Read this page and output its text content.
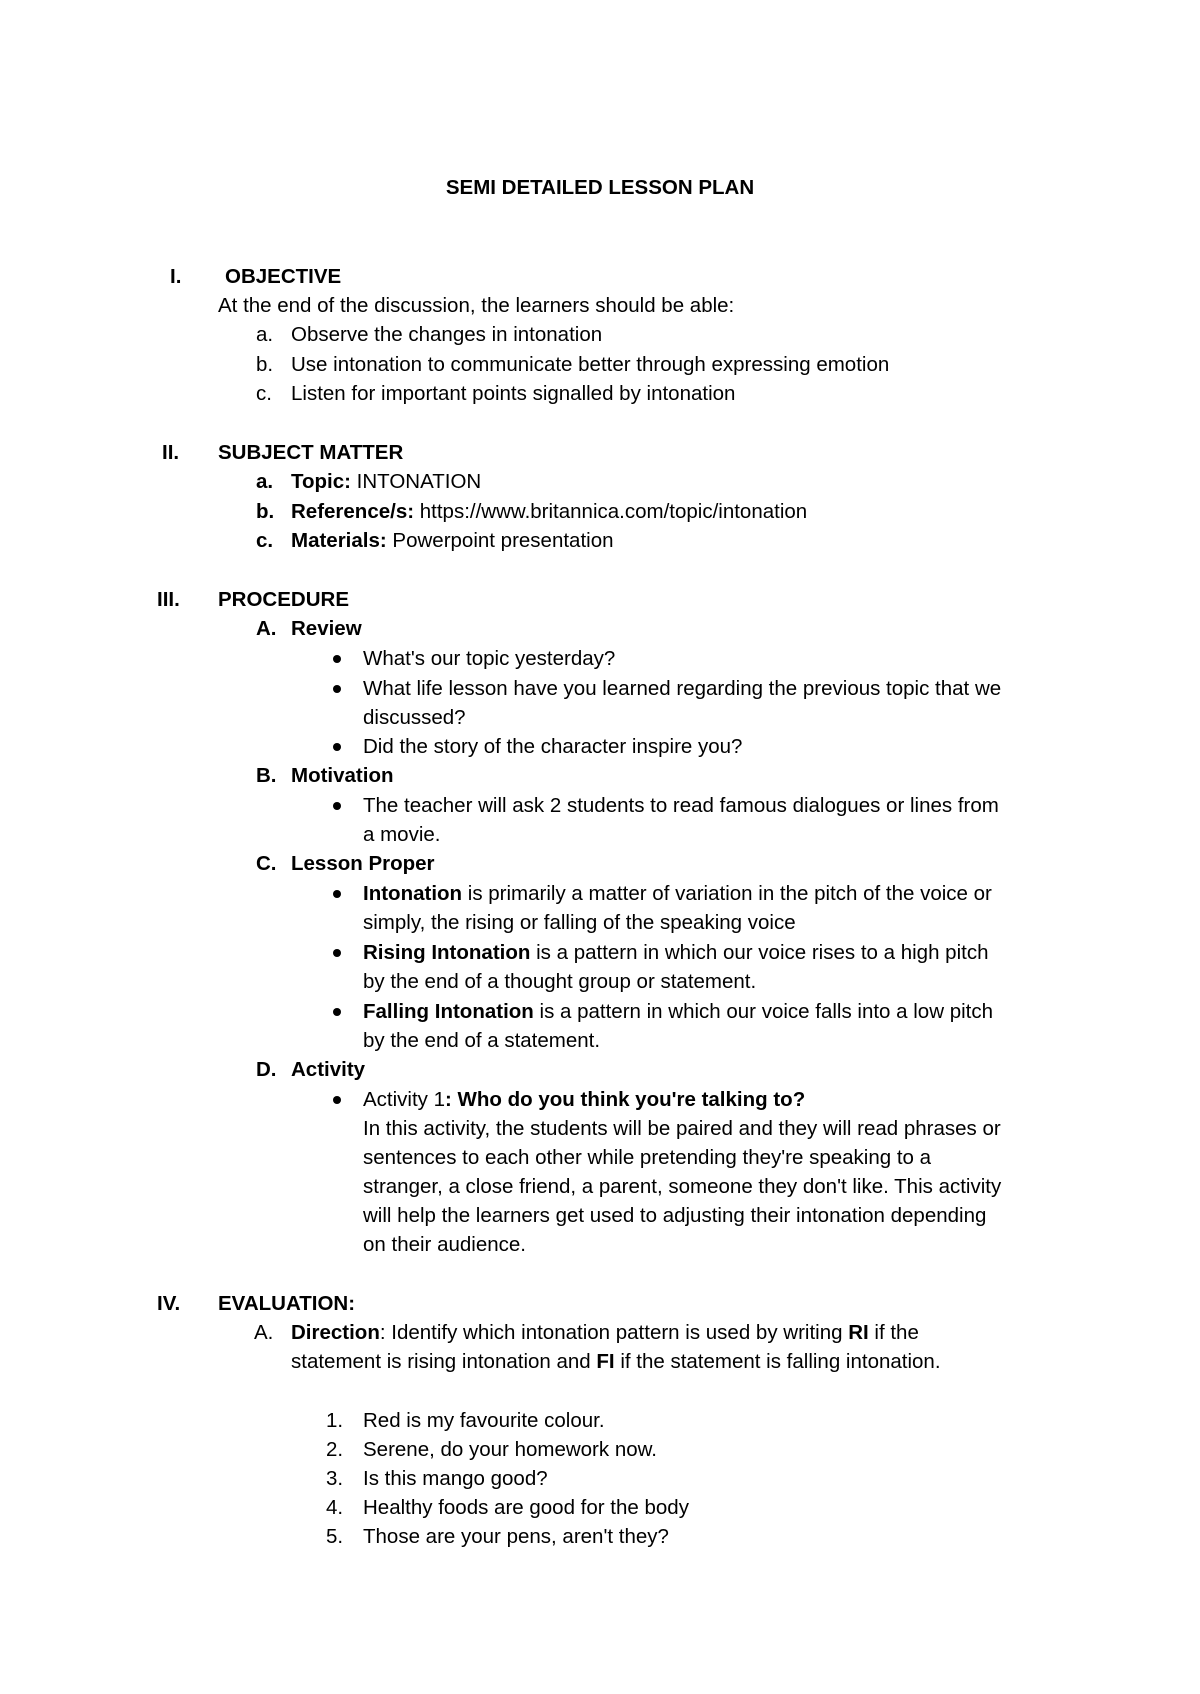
SEMI DETAILED LESSON PLAN
I. OBJECTIVE
At the end of the discussion, the learners should be able:
a. Observe the changes in intonation
b. Use intonation to communicate better through expressing emotion
c. Listen for important points signalled by intonation
II. SUBJECT MATTER
a. Topic: INTONATION
b. Reference/s: https://www.britannica.com/topic/intonation
c. Materials: Powerpoint presentation
III. PROCEDURE
A. Review
What's our topic yesterday?
What life lesson have you learned regarding the previous topic that we
discussed?
Did the story of the character inspire you?
B. Motivation
The teacher will ask 2 students to read famous dialogues or lines from
a movie.
C. Lesson Proper
Intonation is primarily a matter of variation in the pitch of the voice or
simply, the rising or falling of the speaking voice
Rising Intonation is a pattern in which our voice rises to a high pitch
by the end of a thought group or statement.
Falling Intonation is a pattern in which our voice falls into a low pitch
by the end of a statement.
D. Activity
Activity 1: Who do you think you're talking to?
In this activity, the students will be paired and they will read phrases or
sentences to each other while pretending they're speaking to a
stranger, a close friend, a parent, someone they don't like. This activity
will help the learners get used to adjusting their intonation depending
on their audience.
IV. EVALUATION:
A. Direction: Identify which intonation pattern is used by writing RI if the
statement is rising intonation and FI if the statement is falling intonation.
1. Red is my favourite colour.
2. Serene, do your homework now.
3. Is this mango good?
4. Healthy foods are good for the body
5. Those are your pens, aren't they?
